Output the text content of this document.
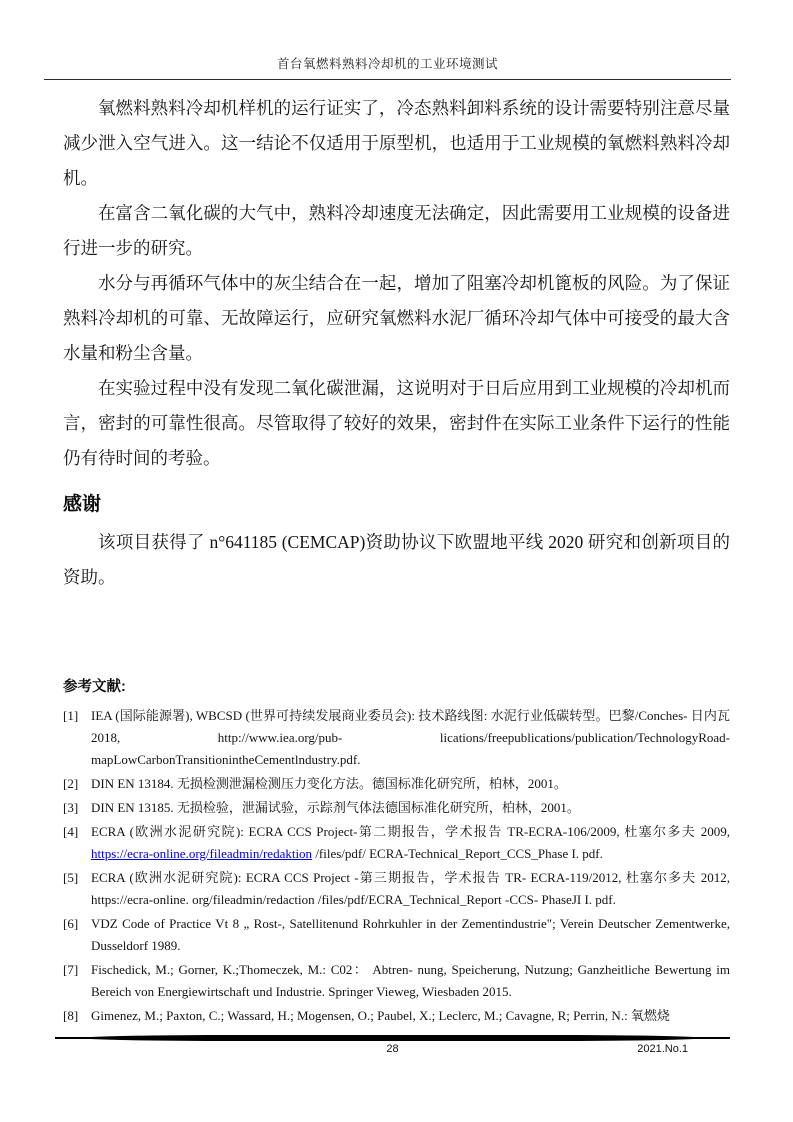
首台氧燃料熟料冷却机的工业环境测试

氧燃料熟料冷却机样机的运行证实了，冷态熟料卸料系统的设计需要特别注意尽量减少泄入空气进入。这一结论不仅适用于原型机，也适用于工业规模的氧燃料熟料冷却机。

在富含二氧化碳的大气中，熟料冷却速度无法确定，因此需要用工业规模的设备进行进一步的研究。

水分与再循环气体中的灰尘结合在一起，增加了阻塞冷却机篦板的风险。为了保证熟料冷却机的可靠、无故障运行，应研究氧燃料水泥厂循环冷却气体中可接受的最大含水量和粉尘含量。

在实验过程中没有发现二氧化碳泄漏，这说明对于日后应用到工业规模的冷却机而言，密封的可靠性很高。尽管取得了较好的效果，密封件在实际工业条件下运行的性能仍有待时间的考验。

感谢

该项目获得了 n°641185 (CEMCAP)资助协议下欧盟地平线 2020 研究和创新项目的资助。

参考文献:
[1] IEA (国际能源署), WBCSD (世界可持续发展商业委员会): 技术路线图: 水泥行业低碳转型。巴黎/Conches- 日内瓦 2018, http://www.iea.org/pub- lications/freepublications/publication/TechnologyRoad- mapLowCarbonTransitionintheCementlndustry.pdf.
[2] DIN EN 13184. 无损检测泄漏检测压力变化方法。德国标准化研究所，柏林，2001。
[3] DIN EN 13185. 无损检验，泄漏试验，示踪剂气体法德国标准化研究所，柏林，2001。
[4] ECRA (欧洲水泥研究院): ECRA CCS Project-第二期报告，学术报告 TR-ECRA-106/2009, 杜塞尔多夫 2009, https://ecra-online.org/fileadmin/redaktion /files/pdf/ ECRA-Technical_Report_CCS_Phase I. pdf.
[5] ECRA (欧洲水泥研究院): ECRA CCS Project -第三期报告，学术报告 TR- ECRA-119/2012, 杜塞尔多夫 2012, https://ecra-online. org/fileadmin/redaction /files/pdf/ECRA_Technical_Report -CCS- PhaseJI I. pdf.
[6] VDZ Code of Practice Vt 8 „ Rost-, Satellitenund Rohrkuhler in der Zementindustrie"; Verein Deutscher Zementwerke, Dusseldorf 1989.
[7] Fischedick, M.; Gorner, K.;Thomeczek, M.: C02： Abtren- nung, Speicherung, Nutzung; Ganzheitliche Bewertung im Bereich von Energiewirtschaft und Industrie. Springer Vieweg, Wiesbaden 2015.
[8] Gimenez, M.; Paxton, C.; Wassard, H.; Mogensen, O.; Paubel, X.; Leclerc, M.; Cavagne, R; Perrin, N.: 氧燃烧
28	2021.No.1
